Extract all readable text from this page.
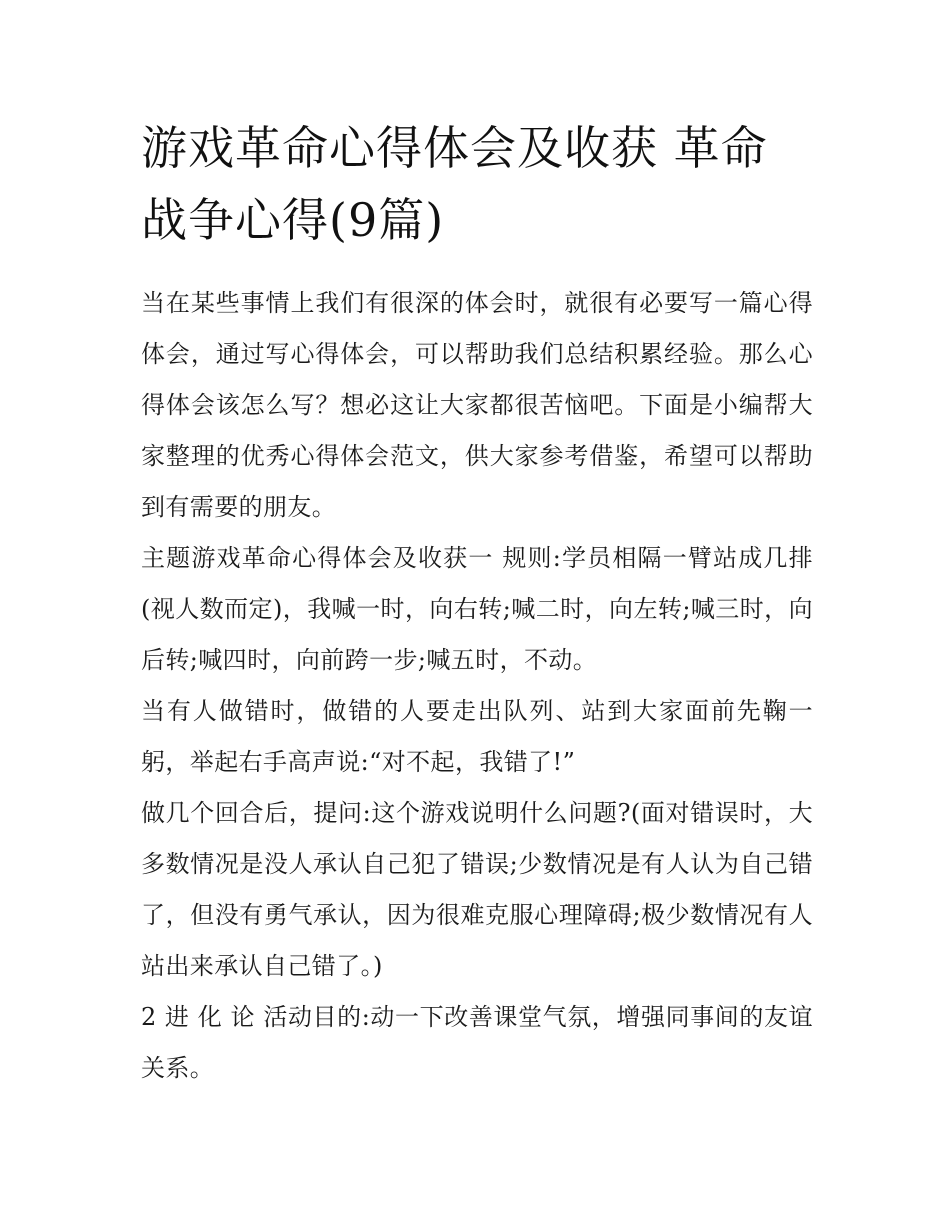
游戏革命心得体会及收获 革命战争心得(9篇)

当在某些事情上我们有很深的体会时，就很有必要写一篇心得体会，通过写心得体会，可以帮助我们总结积累经验。那么心得体会该怎么写？想必这让大家都很苦恼吧。下面是小编帮大家整理的优秀心得体会范文，供大家参考借鉴，希望可以帮助到有需要的朋友。

主题游戏革命心得体会及收获一 规则:学员相隔一臂站成几排(视人数而定)，我喊一时，向右转;喊二时，向左转;喊三时，向后转;喊四时，向前跨一步;喊五时，不动。

当有人做错时，做错的人要走出队列、站到大家面前先鞠一躬，举起右手高声说:“对不起，我错了!”

做几个回合后，提问:这个游戏说明什么问题?(面对错误时，大多数情况是没人承认自己犯了错误;少数情况是有人认为自己错了，但没有勇气承认，因为很难克服心理障碍;极少数情况有人站出来承认自己错了。)

2 进 化 论 活动目的:动一下改善课堂气氛，增强同事间的友谊关系。
